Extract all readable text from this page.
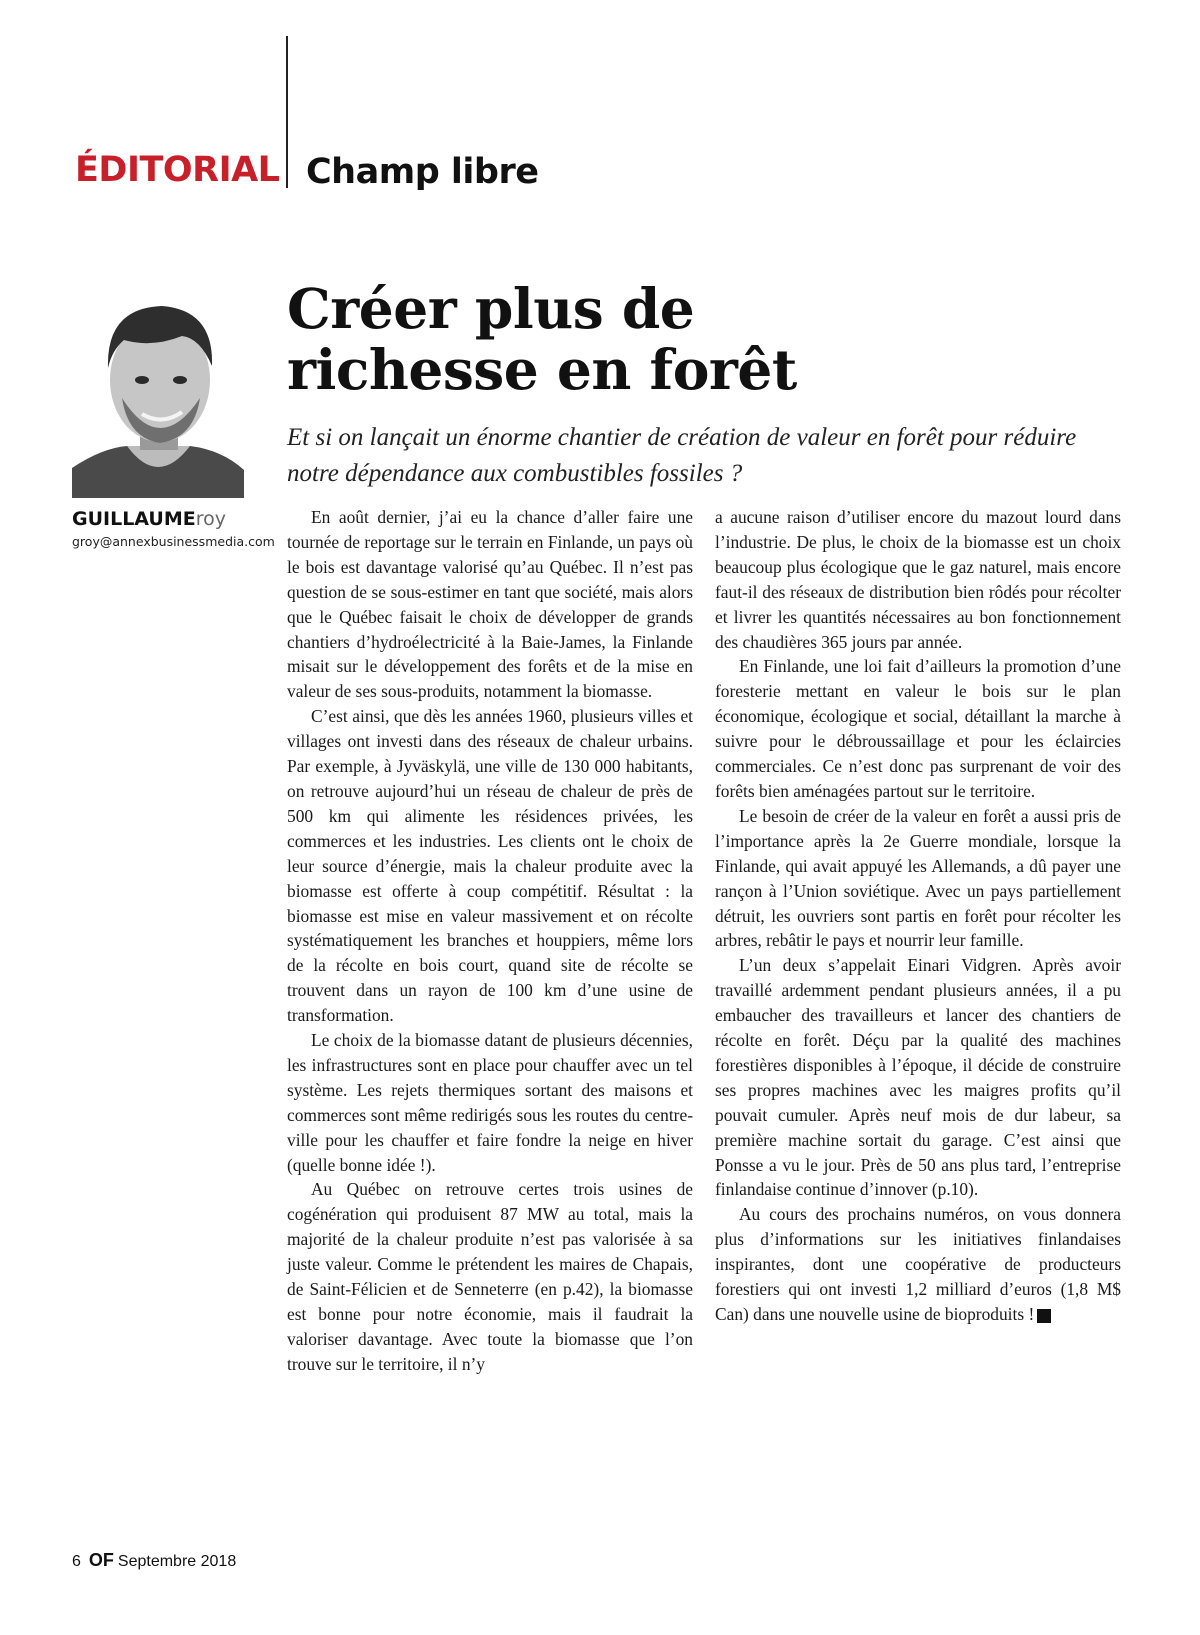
ÉDITORIAL Champ libre
GUILLAUMEroy
groy@annexbusinessmedia.com
Créer plus de
richesse en forêt

Et si on lançait un énorme chantier de création de valeur en forêt pour réduire notre dépendance aux combustibles fossiles ?

En août dernier, j’ai eu la chance d’aller faire une tournée de reportage sur le terrain en Finlande, un pays où le bois est davantage valorisé qu’au Québec. Il n’est pas question de se sous-estimer en tant que société, mais alors que le Québec faisait le choix de développer de grands chantiers d’hydroélectricité à la Baie-James, la Finlande misait sur le développement des forêts et de la mise en valeur de ses sous-produits, notamment la biomasse.

C’est ainsi, que dès les années 1960, plusieurs villes et villages ont investi dans des réseaux de chaleur urbains. Par exemple, à Jyväskylä, une ville de 130 000 habitants, on retrouve aujourd’hui un réseau de chaleur de près de 500 km qui alimente les résidences privées, les commerces et les industries. Les clients ont le choix de leur source d’énergie, mais la chaleur produite avec la biomasse est offerte à coup compétitif. Résultat : la biomasse est mise en valeur massivement et on récolte systématiquement les branches et houppiers, même lors de la récolte en bois court, quand site de récolte se trouvent dans un rayon de 100 km d’une usine de transformation.

Le choix de la biomasse datant de plusieurs décennies, les infrastructures sont en place pour chauffer avec un tel système. Les rejets thermiques sortant des maisons et commerces sont même redirigés sous les routes du centre-ville pour les chauffer et faire fondre la neige en hiver (quelle bonne idée !).

Au Québec on retrouve certes trois usines de cogénération qui produisent 87 MW au total, mais la majorité de la chaleur produite n’est pas valorisée à sa juste valeur. Comme le prétendent les maires de Chapais, de Saint-Félicien et de Senneterre (en p.42), la biomasse est bonne pour notre économie, mais il faudrait la valoriser davantage. Avec toute la biomasse que l’on trouve sur le territoire, il n’y

a aucune raison d’utiliser encore du mazout lourd dans l’industrie. De plus, le choix de la biomasse est un choix beaucoup plus écologique que le gaz naturel, mais encore faut-il des réseaux de distribution bien rôdés pour récolter et livrer les quantités nécessaires au bon fonctionnement des chaudières 365 jours par année.

En Finlande, une loi fait d’ailleurs la promotion d’une foresterie mettant en valeur le bois sur le plan économique, écologique et social, détaillant la marche à suivre pour le débroussaillage et pour les éclaircies commerciales. Ce n’est donc pas surprenant de voir des forêts bien aménagées partout sur le territoire.

Le besoin de créer de la valeur en forêt a aussi pris de l’importance après la 2e Guerre mondiale, lorsque la Finlande, qui avait appuyé les Allemands, a dû payer une rançon à l’Union soviétique. Avec un pays partiellement détruit, les ouvriers sont partis en forêt pour récolter les arbres, rebâtir le pays et nourrir leur famille.

L’un deux s’appelait Einari Vidgren. Après avoir travaillé ardemment pendant plusieurs années, il a pu embaucher des travailleurs et lancer des chantiers de récolte en forêt. Déçu par la qualité des machines forestières disponibles à l’époque, il décide de construire ses propres machines avec les maigres profits qu’il pouvait cumuler. Après neuf mois de dur labeur, sa première machine sortait du garage. C’est ainsi que Ponsse a vu le jour. Près de 50 ans plus tard, l’entreprise finlandaise continue d’innover (p.10).

Au cours des prochains numéros, on vous donnera plus d’informations sur les initiatives finlandaises inspirantes, dont une coopérative de producteurs forestiers qui ont investi 1,2 milliard d’euros (1,8 M$ Can) dans une nouvelle usine de bioproduits !	OF

6 OF Septembre 2018
